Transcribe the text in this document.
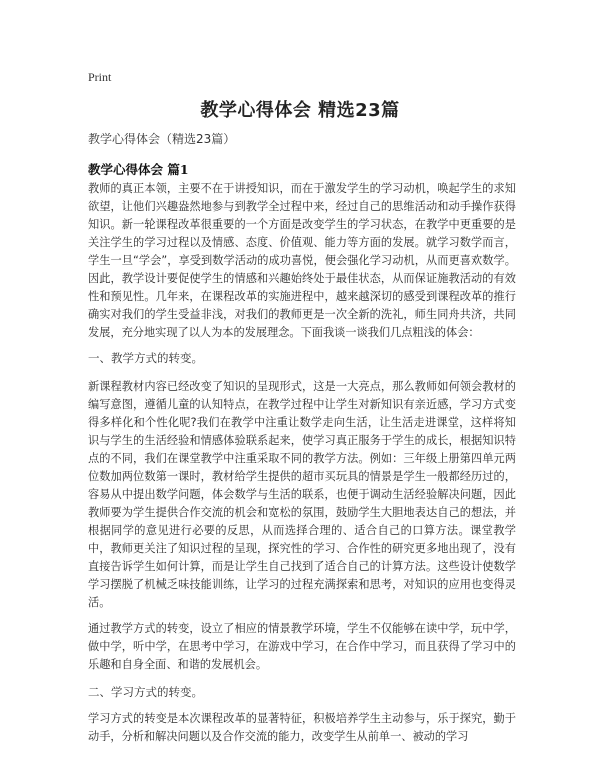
Print
教学心得体会 精选23篇
教学心得体会（精选23篇）
教学心得体会 篇1

教师的真正本领，主要不在于讲授知识，而在于激发学生的学习动机，唤起学生的求知欲望，让他们兴趣盎然地参与到教学全过程中来，经过自己的思维活动和动手操作获得知识。新一轮课程改革很重要的一个方面是改变学生的学习状态，在教学中更重要的是关注学生的学习过程以及情感、态度、价值观、能力等方面的发展。就学习数学而言，学生一旦“学会”，享受到数学活动的成功喜悦，便会强化学习动机，从而更喜欢数学。因此，教学设计要促使学生的情感和兴趣始终处于最佳状态，从而保证施教活动的有效性和预见性。几年来，在课程改革的实施进程中，越来越深切的感受到课程改革的推行确实对我们的学生受益非浅，对我们的教师更是一次全新的洗礼，师生同舟共济，共同发展，充分地实现了以人为本的发展理念。下面我谈一谈我们几点粗浅的体会：

一、教学方式的转变。

新课程教材内容已经改变了知识的呈现形式，这是一大亮点，那么教师如何领会教材的编写意图，遵循儿童的认知特点，在教学过程中让学生对新知识有亲近感，学习方式变得多样化和个性化呢?我们在教学中注重让数学走向生活，让生活走进课堂，这样将知识与学生的生活经验和情感体验联系起来，使学习真正服务于学生的成长，根据知识特点的不同，我们在课堂教学中注重采取不同的教学方法。例如：三年级上册第四单元两位数加两位数第一课时，教材给学生提供的超市买玩具的情景是学生一般都经历过的，容易从中提出数学问题，体会数学与生活的联系，也便于调动生活经验解决问题，因此教师要为学生提供合作交流的机会和宽松的氛围，鼓励学生大胆地表达自己的想法，并根据同学的意见进行必要的反思，从而选择合理的、适合自己的口算方法。课堂教学中，教师更关注了知识过程的呈现，探究性的学习、合作性的研究更多地出现了，没有直接告诉学生如何计算，而是让学生自己找到了适合自己的计算方法。这些设计使数学学习摆脱了机械乏味技能训练，让学习的过程充满探索和思考，对知识的应用也变得灵活。

通过教学方式的转变，设立了相应的情景教学环境，学生不仅能够在读中学，玩中学，做中学，听中学，在思考中学习，在游戏中学习，在合作中学习，而且获得了学习中的乐趣和自身全面、和谐的发展机会。

二、学习方式的转变。

学习方式的转变是本次课程改革的显著特征，积极培养学生主动参与，乐于探究，勤于动手，分析和解决问题以及合作交流的能力，改变学生从前单一、被动的学习
